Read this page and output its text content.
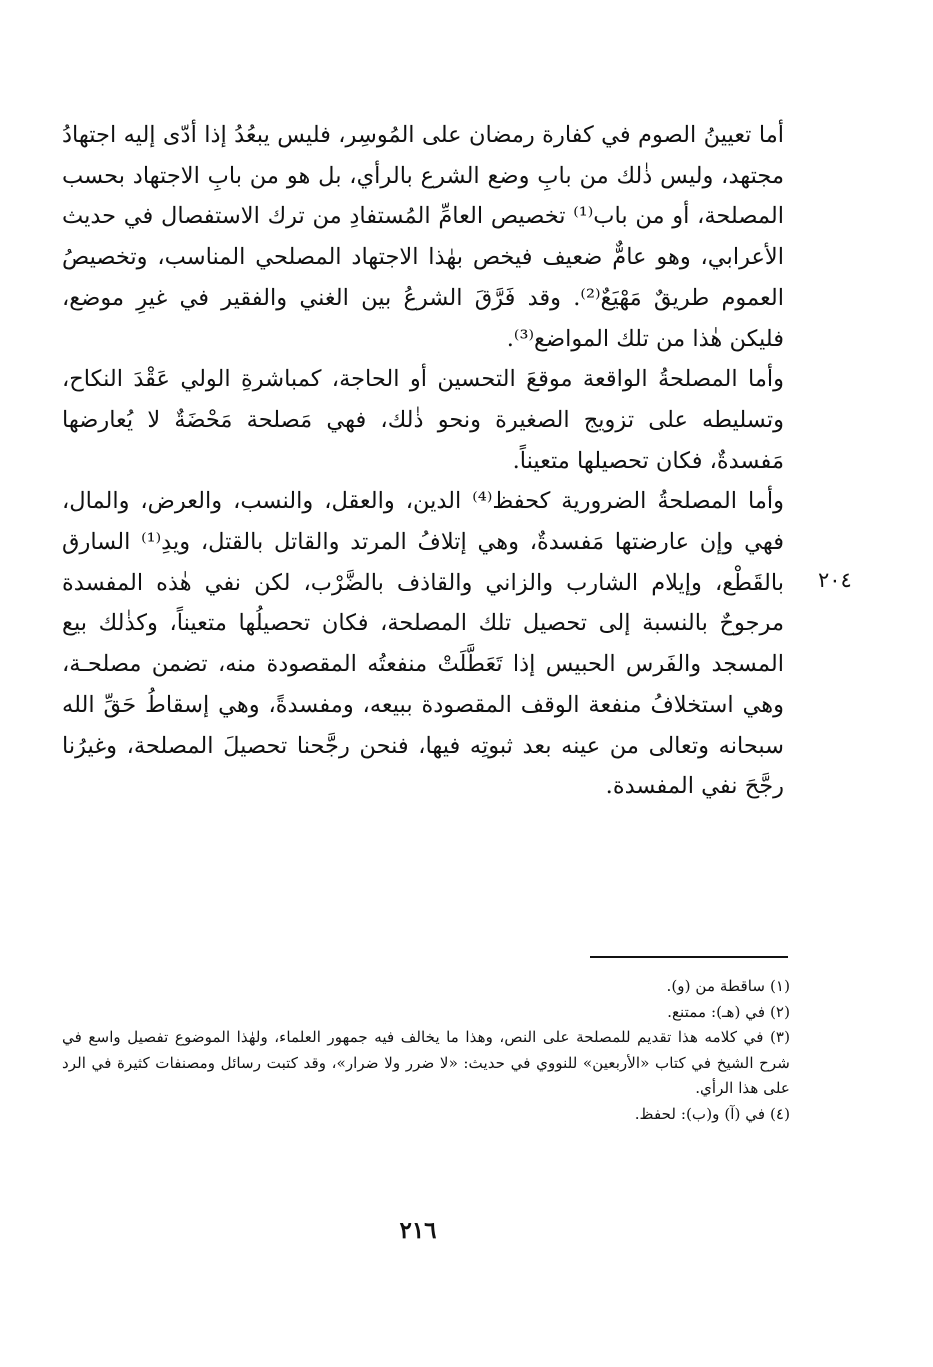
٢٠٤

أما تعيينُ الصوم في كفارة رمضان على المُوسِر، فليس يبعُدُ إذا أدّى إليه اجتهادُ مجتهد، وليس ذٰلك من بابِ وضع الشرع بالرأي، بل هو من بابِ الاجتهاد بحسب المصلحة، أو من باب⁽¹⁾ تخصيص العامِّ المُستفادِ من ترك الاستفصال في حديث الأعرابي، وهو عامٌّ ضعيف فيخص بهٰذا الاجتهاد المصلحي المناسب، وتخصيصُ العموم طريقٌ مَهْيَعٌ⁽²⁾. وقد فَرَّقَ الشرعُ بين الغني والفقير في غيرِ موضع، فليكن هٰذا من تلك المواضع⁽³⁾.

وأما المصلحةُ الواقعة موقعَ التحسين أو الحاجة، كمباشرةِ الولي عَقْدَ النكاح، وتسليطه على تزويج الصغيرة ونحو ذٰلك، فهي مَصلحة مَحْضَةٌ لا يُعارضها مَفسدةٌ، فكان تحصيلها متعيناً.

وأما المصلحةُ الضرورية كحفظ⁽⁴⁾ الدين، والعقل، والنسب، والعرض، والمال، فهي وإن عارضتها مَفسدةٌ، وهي إتلافُ المرتد والقاتل بالقتل، ويدِ⁽¹⁾ السارق بالقَطْع، وإيلام الشارب والزاني والقاذف بالضَّرْب، لكن نفي هٰذه المفسدة مرجوحٌ بالنسبة إلى تحصيل تلك المصلحة، فكان تحصيلُها متعيناً، وكذٰلك بيع المسجد والفَرس الحبيس إذا تَعَطَّلَتْ منفعتُه المقصودة منه، تضمن مصلحـة، وهي استخلافُ منفعة الوقف المقصودة ببيعه، ومفسدةً، وهي إسقاطُ حَقِّ الله سبحانه وتعالى من عينه بعد ثبوتِه فيها، فنحن رجَّحنا تحصيلَ المصلحة، وغيرُنا رجَّحَ نفي المفسدة.

(١) ساقطة من (و).

(٢) في (هـ): ممتنع.

(٣) في كلامه هذا تقديم للمصلحة على النص، وهذا ما يخالف فيه جمهور العلماء، ولهٰذا الموضوع تفصيل واسع في شرح الشيخ في كتاب «الأربعين» للنووي في حديث: «لا ضرر ولا ضرار»، وقد كتبت رسائل ومصنفات كثيرة في الرد على هذا الرأي.

(٤) في (آ) و(ب): لحفظ.

٢١٦
